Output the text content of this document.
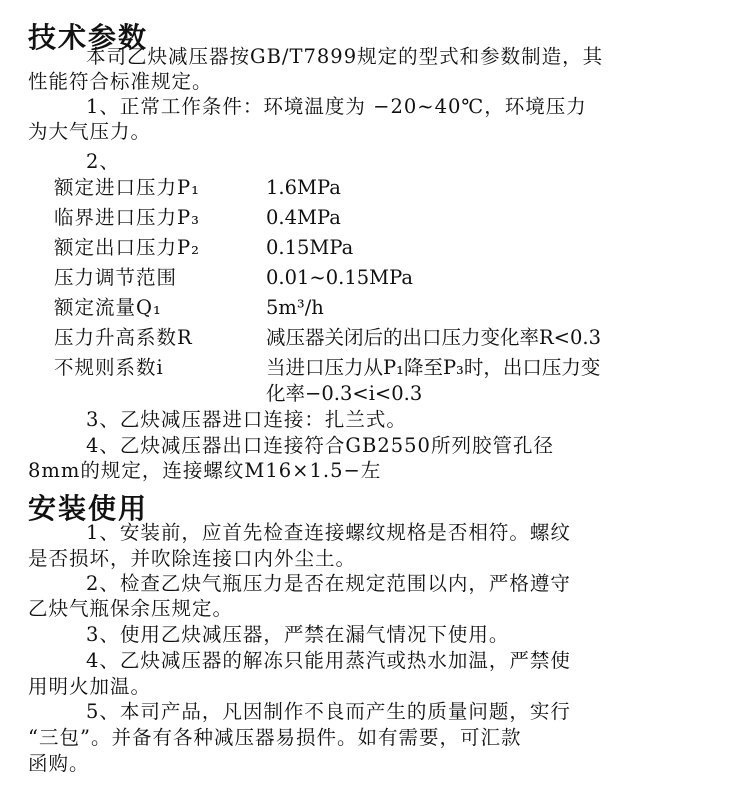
技术参数
本司乙炔减压器按GB/T7899规定的型式和参数制造，其
性能符合标准规定。
1、正常工作条件：环境温度为 −20~40℃，环境压力
为大气压力。
2、
额定进口压力P₁	1.6MPa
临界进口压力P₃	0.4MPa
额定出口压力P₂	0.15MPa
压力调节范围	0.01~0.15MPa
额定流量Q₁	5m³/h
压力升高系数R	减压器关闭后的出口压力变化率R<0.3
不规则系数i	当进口压力从P₁降至P₃时，出口压力变
化率−0.3<i<0.3
3、乙炔减压器进口连接：扎兰式。
4、乙炔减压器出口连接符合GB2550所列胶管孔径
8mm的规定，连接螺纹M16×1.5−左
安装使用
1、安装前，应首先检查连接螺纹规格是否相符。螺纹
是否损坏，并吹除连接口内外尘土。
2、检查乙炔气瓶压力是否在规定范围以内，严格遵守
乙炔气瓶保余压规定。
3、使用乙炔减压器，严禁在漏气情况下使用。
4、乙炔减压器的解冻只能用蒸汽或热水加温，严禁使
用明火加温。
5、本司产品，凡因制作不良而产生的质量问题，实行
“三包”。并备有各种减压器易损件。如有需要，可汇款
函购。
